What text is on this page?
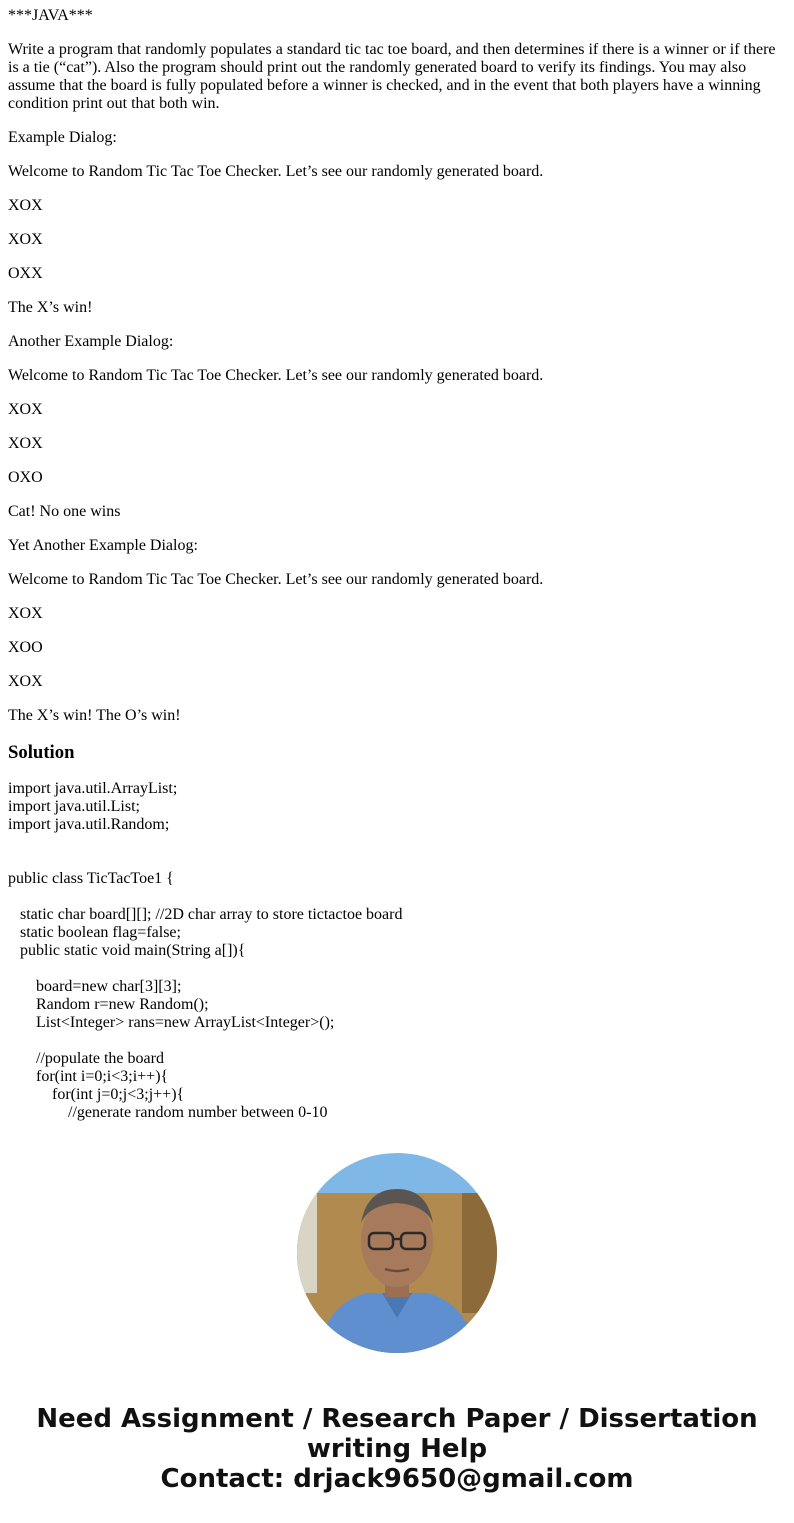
***JAVA***
Write a program that randomly populates a standard tic tac toe board, and then determines if there is a winner or if there is a tie (“cat”). Also the program should print out the randomly generated board to verify its findings. You may also assume that the board is fully populated before a winner is checked, and in the event that both players have a winning condition print out that both win.
Example Dialog:
Welcome to Random Tic Tac Toe Checker. Let’s see our randomly generated board.
XOX
XOX
OXX
The X’s win!
Another Example Dialog:
Welcome to Random Tic Tac Toe Checker. Let’s see our randomly generated board.
XOX
XOX
OXO
Cat! No one wins
Yet Another Example Dialog:
Welcome to Random Tic Tac Toe Checker. Let’s see our randomly generated board.
XOX
XOO
XOX
The X’s win! The O’s win!
Solution
import java.util.ArrayList;
import java.util.List;
import java.util.Random;
public class TicTacToe1 {
static char board[][]; //2D char array to store tictactoe board
static boolean flag=false;
public static void main(String a[]){
board=new char[3][3];
Random r=new Random();
List<Integer> rans=new ArrayList<Integer>();
//populate the board
for(int i=0;i<3;i++){
for(int j=0;j<3;j++){
//generate random number between 0-10
Need Assignment / Research Paper / Dissertation
writing Help
Contact: drjack9650@gmail.com
